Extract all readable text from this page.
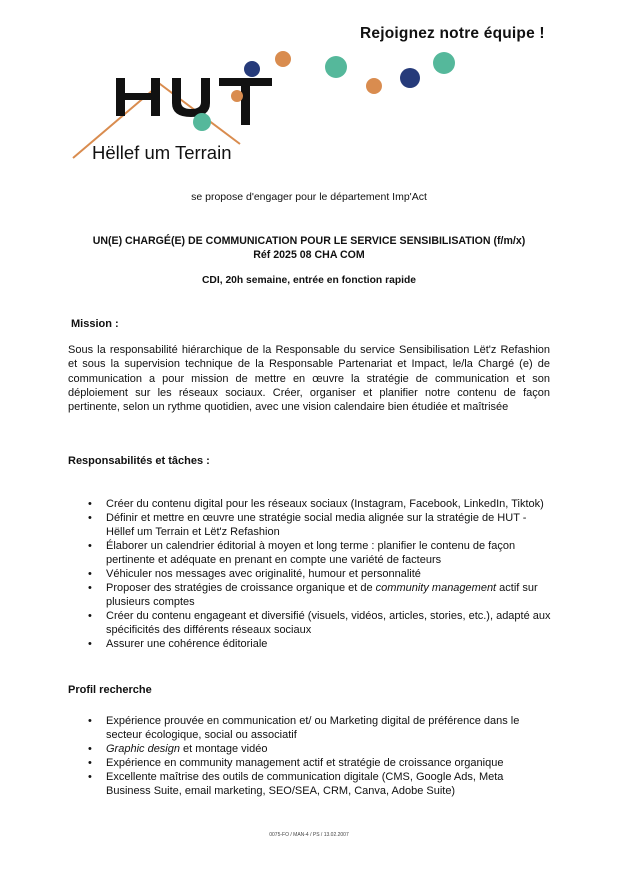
Rejoignez notre équipe !
Hëllef um Terrain
se propose d'engager pour le département Imp'Act
UN(E) CHARGÉ(E) DE COMMUNICATION POUR LE SERVICE SENSIBILISATION (f/m/x)
Réf 2025 08 CHA COM
CDI, 20h semaine, entrée en fonction rapide
Mission :
Sous la responsabilité hiérarchique de la Responsable du service Sensibilisation Lët'z Refashion et sous la supervision technique de la Responsable Partenariat et Impact, le/la Chargé (e) de communication a pour mission de mettre en œuvre la stratégie de communication et son déploiement sur les réseaux sociaux. Créer, organiser et planifier notre contenu de façon pertinente, selon un rythme quotidien, avec une vision calendaire bien étudiée et maîtrisée
Responsabilités et tâches :
• Créer du contenu digital pour les réseaux sociaux (Instagram, Facebook, LinkedIn, Tiktok)
• Définir et mettre en œuvre une stratégie social media alignée sur la stratégie de HUT - Hëllef um Terrain et Lët'z Refashion
• Élaborer un calendrier éditorial à moyen et long terme : planifier le contenu de façon pertinente et adéquate en prenant en compte une variété de facteurs
• Véhiculer nos messages avec originalité, humour et personnalité
• Proposer des stratégies de croissance organique et de community management actif sur plusieurs comptes
• Créer du contenu engageant et diversifié (visuels, vidéos, articles, stories, etc.), adapté aux spécificités des différents réseaux sociaux
• Assurer une cohérence éditoriale
Profil recherche
• Expérience prouvée en communication et/ ou Marketing digital de préférence dans le secteur écologique, social ou associatif
• Graphic design et montage vidéo
• Expérience en community management actif et stratégie de croissance organique
• Excellente maîtrise des outils de communication digitale (CMS, Google Ads, Meta Business Suite, email marketing, SEO/SEA, CRM, Canva, Adobe Suite)
0075-FO / MAN-4 / PS / 13.02.2007
